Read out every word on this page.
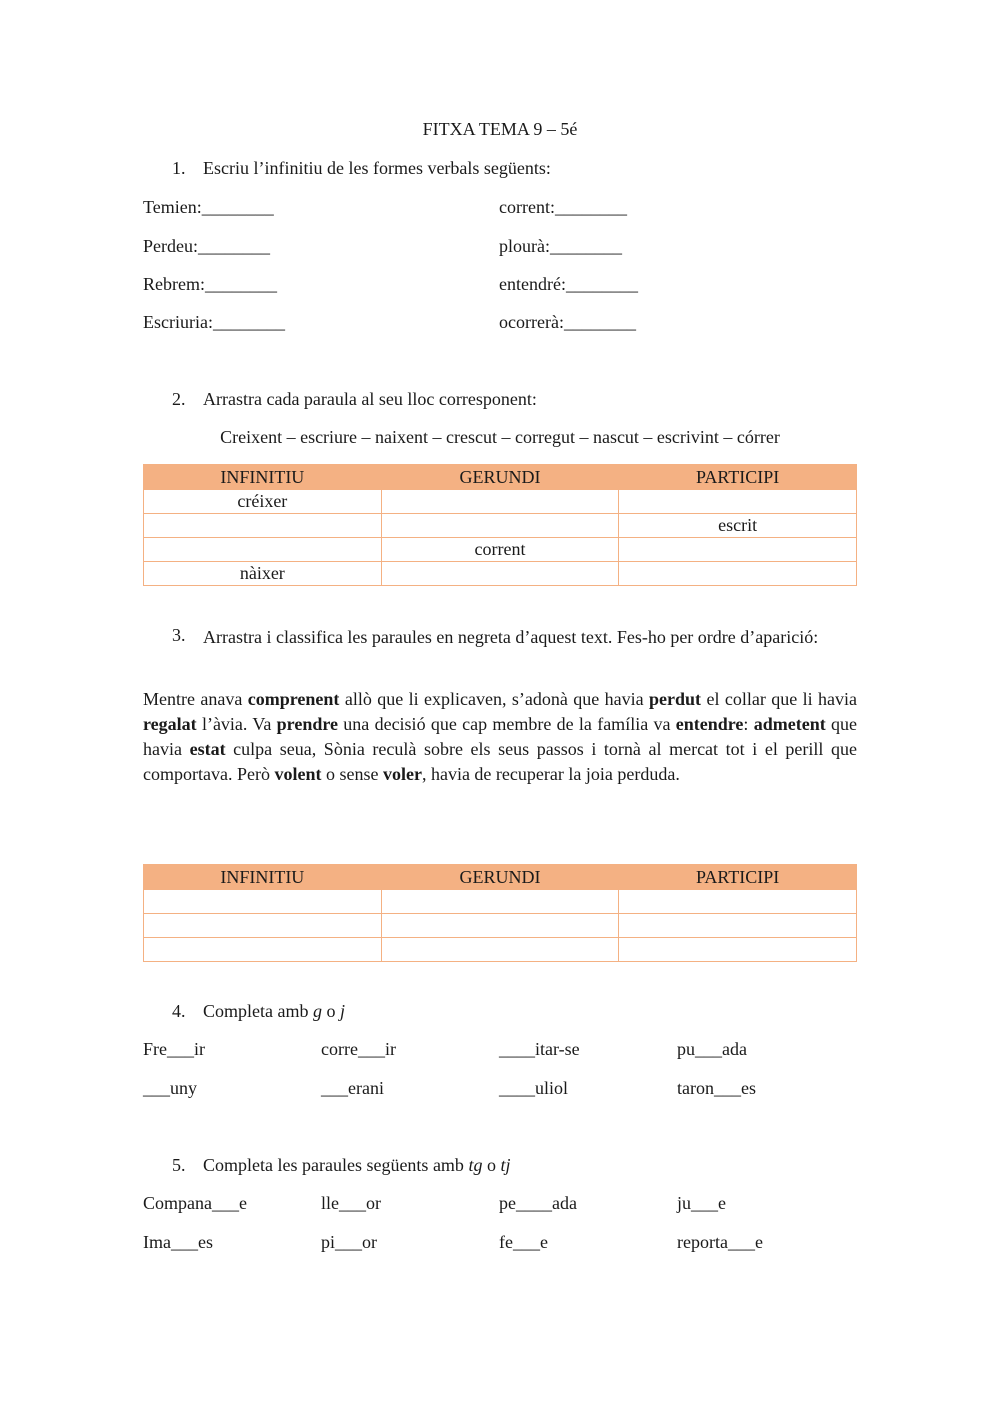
FITXA TEMA 9 – 5é
1. Escriu l’infinitiu de les formes verbals següents:
Temien:________
Perdeu:________
Rebrem:________
Escriuria:________
corrent:________
plourà:________
entendré:________
ocorrerà:________
2. Arrastra cada paraula al seu lloc corresponent:
Creixent – escriure – naixent – crescut – corregut – nascut – escrivint – córrer
INFINITIU	GERUNDI	PARTICIPI
créixer		
		escrit
	corrent	
nàixer		
3. Arrastra i classifica les paraules en negreta d’aquest text. Fes-ho per ordre d’aparició:
Mentre anava comprenent allò que li explicaven, s’adonà que havia perdut el collar que li havia regalat l’àvia. Va prendre una decisió que cap membre de la família va entendre: admetent que havia estat culpa seua, Sònia reculà sobre els seus passos i tornà al mercat tot i el perill que comportava. Però volent o sense voler, havia de recuperar la joia perduda.
INFINITIU	GERUNDI	PARTICIPI

4. Completa amb g o j
Fre___ir	corre___ir	____itar-se	pu___ada
___uny	___erani	____uliol	taron___es
5. Completa les paraules següents amb tg o tj
Compana___e	lle___or	pe____ada	ju___e
Ima___es	pi___or	fe___e	reporta___e
